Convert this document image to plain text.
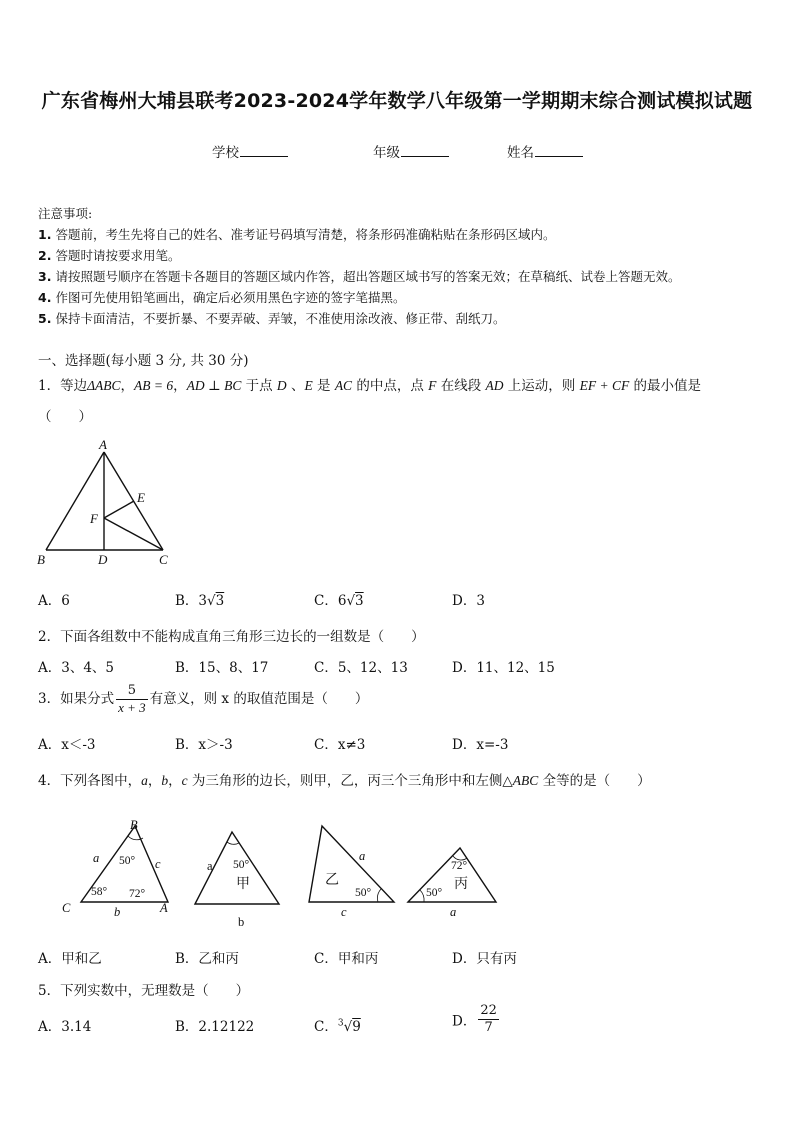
广东省梅州大埔县联考2023-2024学年数学八年级第一学期期末综合测试模拟试题
学校	年级	姓名
注意事项:
1. 答题前，考生先将自己的姓名、准考证号码填写清楚，将条形码准确粘贴在条形码区域内。
2. 答题时请按要求用笔。
3. 请按照题号顺序在答题卡各题目的答题区域内作答，超出答题区域书写的答案无效；在草稿纸、试卷上答题无效。
4. 作图可先使用铅笔画出，确定后必须用黑色字迹的签字笔描黑。
5. 保持卡面清洁，不要折暴、不要弄破、弄皱，不准使用涂改液、修正带、刮纸刀。
一、选择题(每小题 3 分, 共 30 分)
1．等边ΔABC，AB = 6，AD ⊥ BC 于点 D 、E 是 AC 的中点，点 F 在线段 AD 上运动，则 EF + CF 的最小值是
（　　）
A
B	C
D
E
F
A．6	B．3√3	C．6√3	D．3
2．下面各组数中不能构成直角三角形三边长的一组数是（　　）
A．3、4、5	B．15、8、17	C．5、12、13	D．11、12、15
3．如果分式 $\frac{5}{x + 3}$ 有意义，则 x 的取值范围是（　　）
A．x＜-3	B．x＞-3	C．x≠3	D．x=-3
4．下列各图中，a，b，c 为三角形的边长，则甲，乙，丙三个三角形中和左侧△ABC 全等的是（　　）
B
C	A
a	c
b
50°
58° 72°
a
b
50°
甲
a
c
50°
乙
a
72°
50°
丙
A．甲和乙	B．乙和丙	C．甲和丙	D．只有丙
5．下列实数中，无理数是（　　）
A．3.14	B．2.12122	C．$^3$√9	D． $\frac{22}{7}$
